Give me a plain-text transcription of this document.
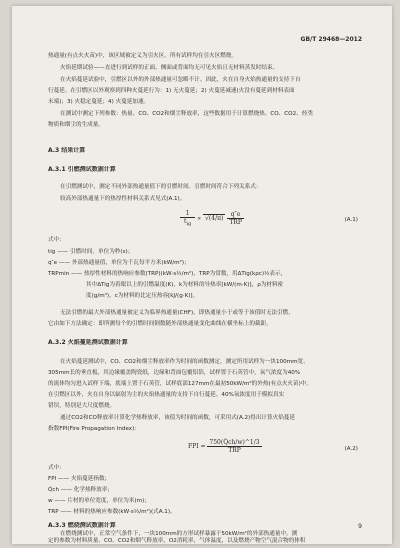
GB/T 29468—2012
热通量(有点火火苗)中，该区域被定义为引火区。所有试样均在引火区燃烧。
火焰延期试验——直进行到试样的正面、侧面或背面均无可见火焰且无材料蒸发时结束。
在火焰蔓延试验中，引燃区以外的外部热通量可忽略不计。因此，火在自身火焰热通量的支持下自
行蔓延。在引燃区以外观察到四种火蔓延行为：1) 无火蔓延；2) 火蔓延减速(火没有蔓延到材料表面
末端)；3) 火稳定蔓延；4) 火蔓延加速。
在测试中测定下列参数：热量、CO、CO2和烟尘释放率，这些数据用于计算燃烧热、CO、CO2、烃类
物质和烟尘的生成量。
A.3 结果计算
A.3.1 引燃测试数据计算
在引燃测试中，测定不同外部热通量值下的引燃时间。引燃时间符合下列关系式：
较高外部热通量下的热厚性材料关系式见式(A.1)。
$\frac{1}{t_{ig}} \propto √(4/\pi) \frac{q''e}{\text{TRP}}$	(A.1)
式中：
tig —— 引燃时间，单位为秒(s)；
q″e —— 外部热通量值，单位为千瓦每平方米(kW/m²)；
TRPmin —— 热厚性材料的热响应参数(TRP)(kW·s½/m²)，TRP为常数，用ΔTig(kρc)½表示，
其中ΔTig为着眼以上的引燃温度(K)，k为材料的导热率[kW/(m·K)]，ρ为材料密
度(g/m³)，c为材料的比定压热容[kJ/(g·K)]。
无法引燃的最大外部热通量被定义为临界热通量(CHF)，即热通量小于或等于该值时无法引燃，
它由如下方法确定：即所测每个的引燃时间倒数随外部热通量变化曲线在横坐标上的截距。
A.3.2 火焰蔓延测试数据计算
在火焰蔓延测试中，CO、CO2和烟尘释放率作为时间的函数测定，测定所用试样为一块100mm宽、
305mm长的垂直板，其边缘覆盖陶瓷纸，边缘和背面包覆铝箔，试样置于石英管中，氧气浓度为40%
的流体均匀进入试样下端，底端上置于石英管，试样底部127mm在最初50kW/m²的外热(有点火火苗)中。
在引燃区以外，火在自身以辐射为主的火焰热通量的支持下自行蔓延。40%氧浓度用于模拟真实
错误，特别是大尺度燃烧。
通过CO2和CO释放率计算化学热释放率，该值为时间的函数，可采用式(A.2)得出计算火焰蔓延
指数FPI(Fire Propagation Index)：
FPI = $\frac{750(Q̇ch/w)\^{}1/3}{\text{TRP}}$	(A.2)
式中：
FPI —— 火焰蔓延指数；
Q̇ch —— 化学热释放率；
w —— 片材的单位宽度，单位为米(m)；
TRP —— 材料的热响应参数(kW·s½/m²)(式A.1)。
A.3.3 燃烧测试数据计算
在燃烧测试中，正常空气条件下，一块100mm的方形试样暴露于50kW/m²的外部热通量中。测
定的参数为材料质量、CO、CO2和烟气释放率，O2消耗率，气体温度，以及燃烧产物空气混合物的体积
9
